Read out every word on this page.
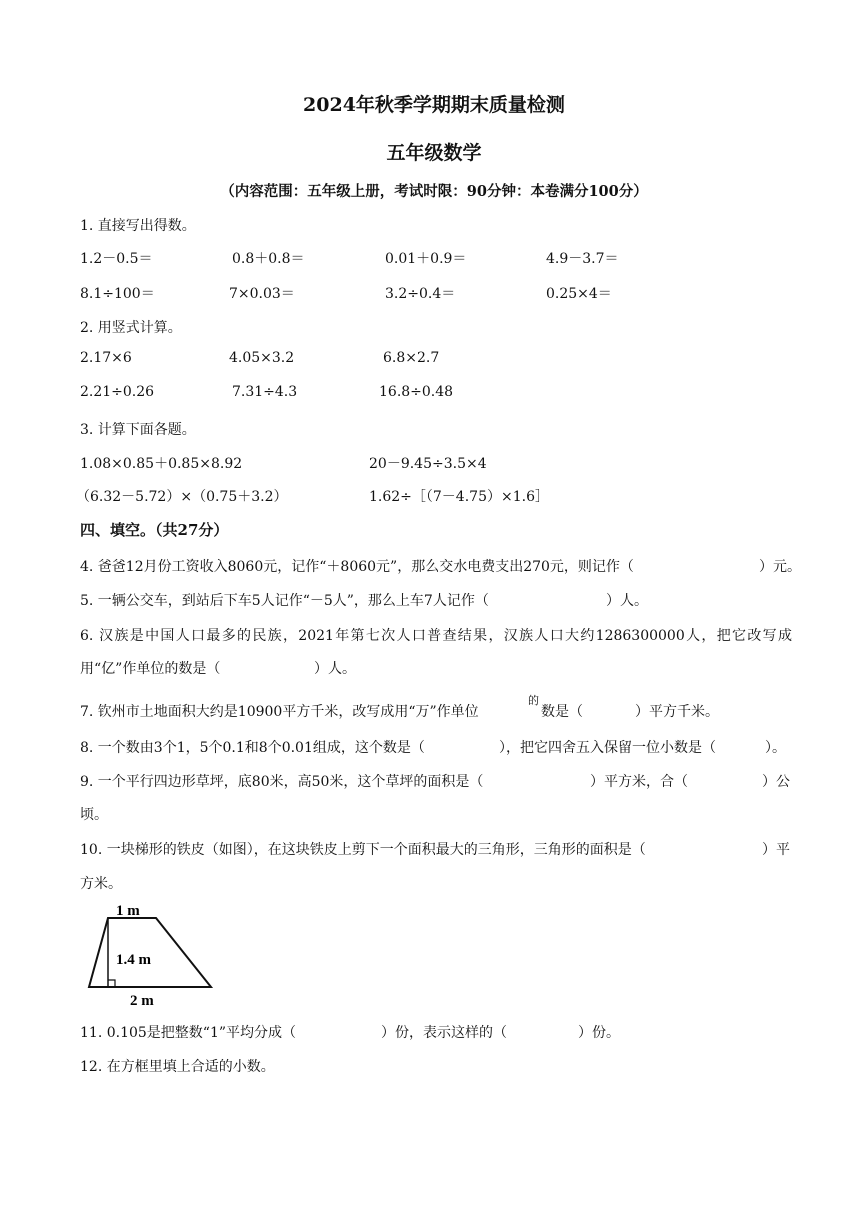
2024年秋季学期期末质量检测
五年级数学
（内容范围：五年级上册，考试时限：90分钟：本卷满分100分）
1. 直接写出得数。
1.2－0.5＝	0.8＋0.8＝	0.01＋0.9＝	4.9－3.7＝
8.1÷100＝	7×0.03＝	3.2÷0.4＝	0.25×4＝
2. 用竖式计算。
2.17×6	4.05×3.2	6.8×2.7
2.21÷0.26	7.31÷4.3	16.8÷0.48
3. 计算下面各题。
1.08×0.85＋0.85×8.92	20－9.45÷3.5×4
（6.32－5.72）×（0.75＋3.2）	1.62÷［（7－4.75）×1.6］
四、填空。（共27分）
4. 爸爸12月份工资收入8060元，记作“＋8060元”，那么交水电费支出270元，则记作（	）元。
5. 一辆公交车，到站后下车5人记作“－5人”，那么上车7人记作（	）人。
6. 汉族是中国人口最多的民族，2021年第七次人口普查结果，汉族人口大约1286300000人，把它改写成
用“亿”作单位的数是（	）人。
7. 钦州市土地面积大约是10900平方千米，改写成用“万”作单位
的
数是（	）平方千米。
8. 一个数由3个1，5个0.1和8个0.01组成，这个数是（	），把它四舍五入保留一位小数是（	）。
9. 一个平行四边形草坪，底80米，高50米，这个草坪的面积是（	）平方米，合（	）公
顷。
10. 一块梯形的铁皮（如图），在这块铁皮上剪下一个面积最大的三角形，三角形的面积是（	）平
方米。
1 m
1.4 m
2 m
11. 0.105是把整数“1”平均分成（	）份，表示这样的（	）份。
12. 在方框里填上合适的小数。
